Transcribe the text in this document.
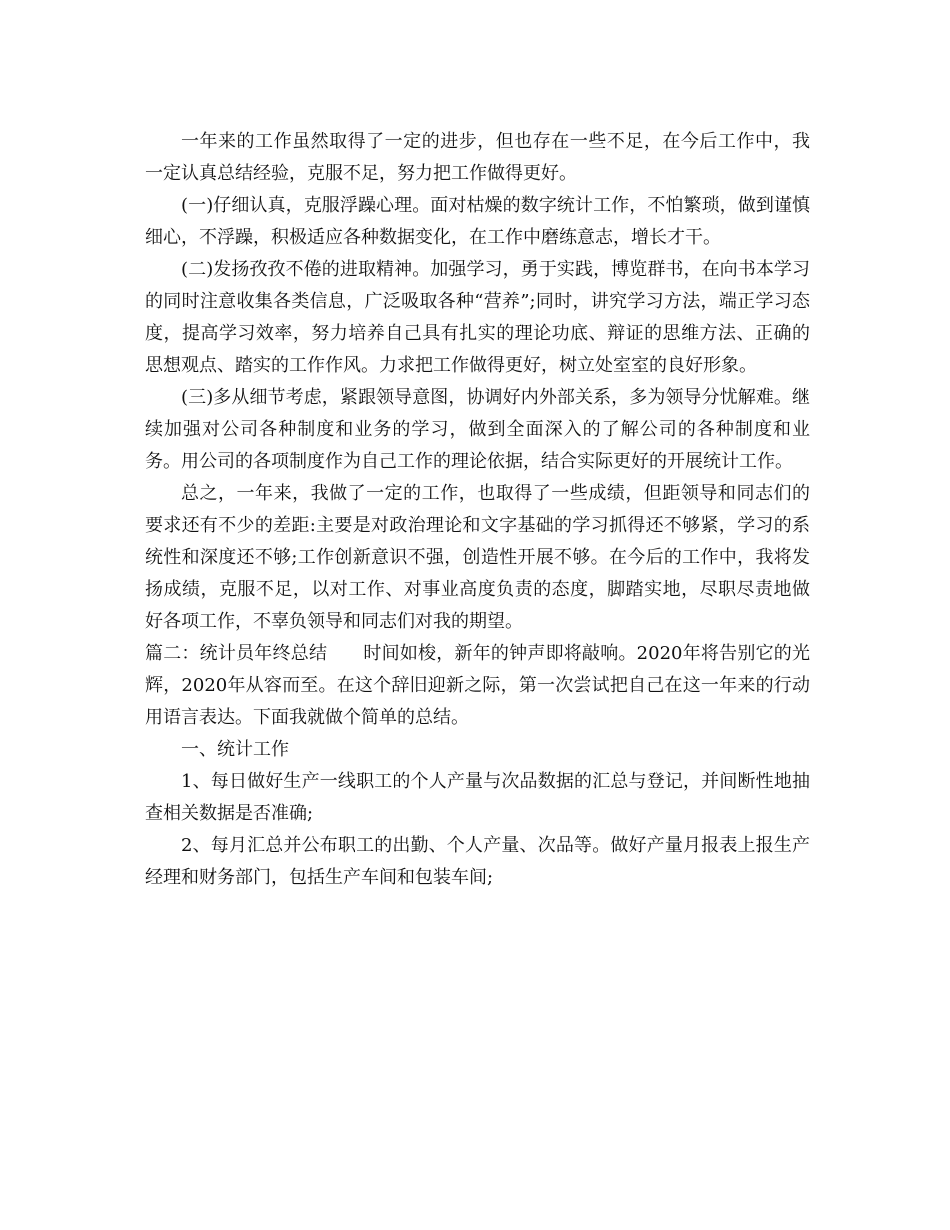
一年来的工作虽然取得了一定的进步，但也存在一些不足，在今后工作中，我一定认真总结经验，克服不足，努力把工作做得更好。

(一)仔细认真，克服浮躁心理。面对枯燥的数字统计工作，不怕繁琐，做到谨慎细心，不浮躁，积极适应各种数据变化，在工作中磨练意志，增长才干。

(二)发扬孜孜不倦的进取精神。加强学习，勇于实践，博览群书，在向书本学习的同时注意收集各类信息，广泛吸取各种“营养”;同时，讲究学习方法，端正学习态度，提高学习效率，努力培养自己具有扎实的理论功底、辩证的思维方法、正确的思想观点、踏实的工作作风。力求把工作做得更好，树立处室室的良好形象。

(三)多从细节考虑，紧跟领导意图，协调好内外部关系，多为领导分忧解难。继续加强对公司各种制度和业务的学习，做到全面深入的了解公司的各种制度和业务。用公司的各项制度作为自己工作的理论依据，结合实际更好的开展统计工作。

总之，一年来，我做了一定的工作，也取得了一些成绩，但距领导和同志们的要求还有不少的差距:主要是对政治理论和文字基础的学习抓得还不够紧，学习的系统性和深度还不够;工作创新意识不强，创造性开展不够。在今后的工作中，我将发扬成绩，克服不足，以对工作、对事业高度负责的态度，脚踏实地，尽职尽责地做好各项工作，不辜负领导和同志们对我的期望。

篇二：统计员年终总结 时间如梭，新年的钟声即将敲响。2020年将告别它的光辉，2020年从容而至。在这个辞旧迎新之际，第一次尝试把自己在这一年来的行动用语言表达。下面我就做个简单的总结。

一、统计工作

1、每日做好生产一线职工的个人产量与次品数据的汇总与登记，并间断性地抽查相关数据是否准确;

2、每月汇总并公布职工的出勤、个人产量、次品等。做好产量月报表上报生产经理和财务部门，包括生产车间和包装车间;
